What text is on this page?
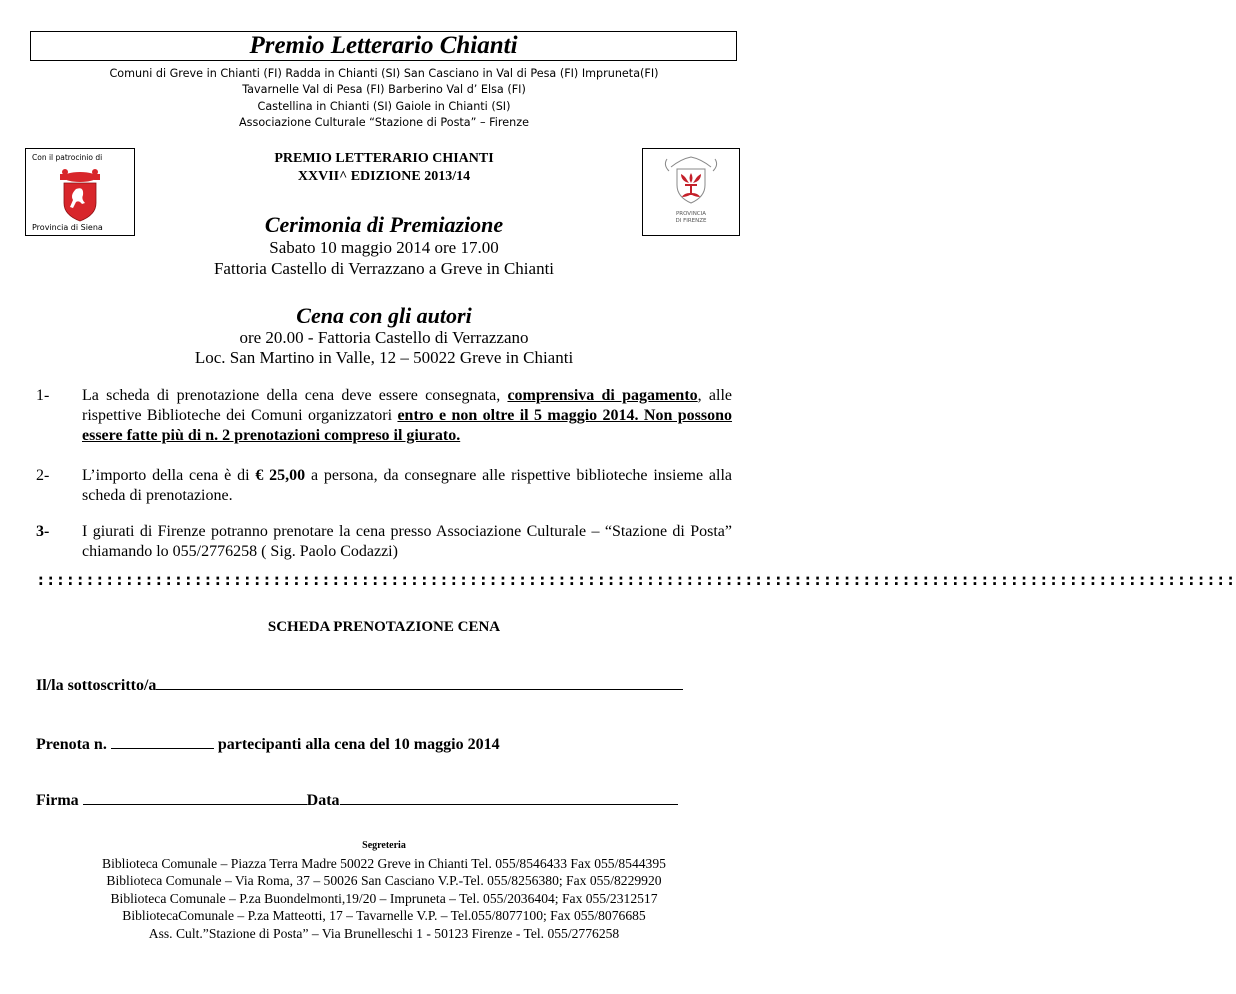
Premio Letterario Chianti
Comuni di Greve in Chianti (FI) Radda in Chianti (SI) San Casciano in Val di Pesa (FI) Impruneta(FI)
Tavarnelle Val di Pesa (FI) Barberino Val d’ Elsa (FI)
Castellina in Chianti (SI) Gaiole in Chianti (SI)
Associazione Culturale “Stazione di Posta” – Firenze
Con il patrocinio di
Provincia di Siena
PROVINCIA
DI FIRENZE
PREMIO LETTERARIO CHIANTI
XXVII^ EDIZIONE 2013/14
Cerimonia di Premiazione
Sabato 10 maggio 2014 ore 17.00
Fattoria Castello di Verrazzano a Greve in Chianti
Cena con gli autori
ore 20.00 - Fattoria Castello di Verrazzano
Loc. San Martino in Valle, 12 – 50022 Greve in Chianti
1-	La scheda di prenotazione della cena deve essere consegnata, comprensiva di pagamento, alle rispettive Biblioteche dei Comuni organizzatori entro e non oltre il 5 maggio 2014. Non possono essere fatte più di n. 2 prenotazioni compreso il giurato.
2-	L’importo della cena è di € 25,00 a persona, da consegnare alle rispettive biblioteche insieme alla scheda di prenotazione.
3-	I giurati di Firenze potranno prenotare la cena presso Associazione Culturale – “Stazione di Posta” chiamando lo 055/2776258 ( Sig. Paolo Codazzi)
::::::::::::::::::::::::::::::::::::::::::::::::::::::::::::::::::::::::::::::::::::::::::::::::::::::::::::::::::::::::::
SCHEDA PRENOTAZIONE CENA
Il/la sottoscritto/a
Prenota n.	partecipanti alla cena del 10 maggio 2014
Firma	Data
Segreteria
Biblioteca Comunale – Piazza Terra Madre 50022 Greve in Chianti Tel. 055/8546433 Fax 055/8544395
Biblioteca Comunale – Via Roma, 37 – 50026 San Casciano V.P.-Tel. 055/8256380; Fax 055/8229920
Biblioteca Comunale – P.za Buondelmonti,19/20 – Impruneta – Tel. 055/2036404; Fax 055/2312517
BibliotecaComunale – P.za Matteotti, 17 – Tavarnelle V.P. – Tel.055/8077100; Fax 055/8076685
Ass. Cult.”Stazione di Posta” – Via Brunelleschi 1 - 50123 Firenze - Tel. 055/2776258
